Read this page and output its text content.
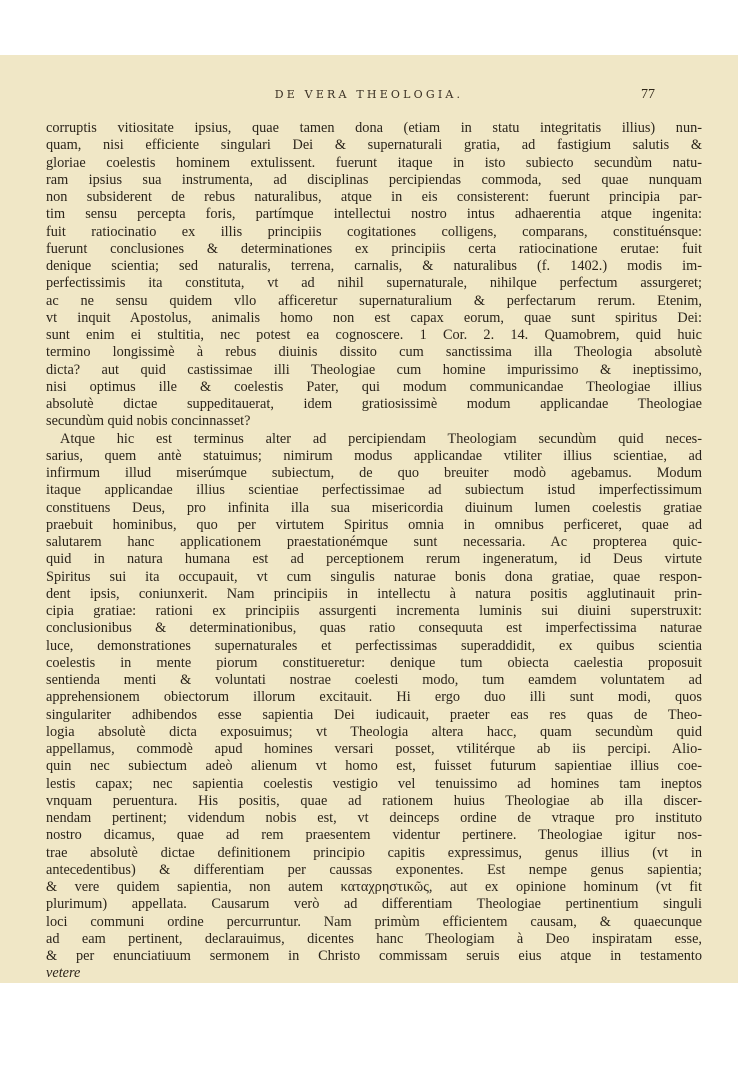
DE VERA THEOLOGIA.	77
corruptis vitiositate ipsius, quae tamen dona (etiam in statu integritatis illius) nun-
quam, nisi efficiente singulari Dei & supernaturali gratia, ad fastigium salutis &
gloriae coelestis hominem extulissent. fuerunt itaque in isto subiecto secundùm natu-
ram ipsius sua instrumenta, ad disciplinas percipiendas commoda, sed quae nunquam
non subsiderent de rebus naturalibus, atque in eis consisterent: fuerunt principia par-
tim sensu percepta foris, partímque intellectui nostro intus adhaerentia atque ingenita:
fuit ratiocinatio ex illis principiis cogitationes colligens, comparans, constituénsque:
fuerunt conclusiones & determinationes ex principiis certa ratiocinatione erutae: fuit
denique scientia; sed naturalis, terrena, carnalis, & naturalibus (f. 1402.) modis im-
perfectissimis ita constituta, vt ad nihil supernaturale, nihilque perfectum assurgeret;
ac ne sensu quidem vllo afficeretur supernaturalium & perfectarum rerum. Etenim,
vt inquit Apostolus, animalis homo non est capax eorum, quae sunt spiritus Dei:
sunt enim ei stultitia, nec potest ea cognoscere. 1 Cor. 2. 14. Quamobrem, quid huic
termino longissimè à rebus diuinis dissito cum sanctissima illa Theologia absolutè
dicta? aut quid castissimae illi Theologiae cum homine impurissimo & ineptissimo,
nisi optimus ille & coelestis Pater, qui modum communicandae Theologiae illius
absolutè dictae suppeditauerat, idem gratiosissimè modum applicandae Theologiae
secundùm quid nobis concinnasset?
Atque hic est terminus alter ad percipiendam Theologiam secundùm quid neces-
sarius, quem antè statuimus; nimirum modus applicandae vtiliter illius scientiae, ad
infirmum illud miserúmque subiectum, de quo breuiter modò agebamus. Modum
itaque applicandae illius scientiae perfectissimae ad subiectum istud imperfectissimum
constituens Deus, pro infinita illa sua misericordia diuinum lumen coelestis gratiae
praebuit hominibus, quo per virtutem Spiritus omnia in omnibus perficeret, quae ad
salutarem hanc applicationem praestationémque sunt necessaria. Ac propterea quic-
quid in natura humana est ad perceptionem rerum ingeneratum, id Deus virtute
Spiritus sui ita occupauit, vt cum singulis naturae bonis dona gratiae, quae respon-
dent ipsis, coniunxerit. Nam principiis in intellectu à natura positis agglutinauit prin-
cipia gratiae: rationi ex principiis assurgenti incrementa luminis sui diuini superstruxit:
conclusionibus & determinationibus, quas ratio consequuta est imperfectissima naturae
luce, demonstrationes supernaturales et perfectissimas superaddidit, ex quibus scientia
coelestis in mente piorum constitueretur: denique tum obiecta caelestia proposuit
sentienda menti & voluntati nostrae coelesti modo, tum eamdem voluntatem ad
apprehensionem obiectorum illorum excitauit. Hi ergo duo illi sunt modi, quos
singulariter adhibendos esse sapientia Dei iudicauit, praeter eas res quas de Theo-
logia absolutè dicta exposuimus; vt Theologia altera hacc, quam secundùm quid
appellamus, commodè apud homines versari posset, vtilitérque ab iis percipi. Alio-
quin nec subiectum adeò alienum vt homo est, fuisset futurum sapientiae illius coe-
lestis capax; nec sapientia coelestis vestigio vel tenuissimo ad homines tam ineptos
vnquam peruentura. His positis, quae ad rationem huius Theologiae ab illa discer-
nendam pertinent; videndum nobis est, vt deinceps ordine de vtraque pro instituto
nostro dicamus, quae ad rem praesentem videntur pertinere. Theologiae igitur nos-
trae absolutè dictae definitionem principio capitis expressimus, genus illius (vt in
antecedentibus) & differentiam per caussas exponentes. Est nempe genus sapientia;
& vere quidem sapientia, non autem καταχρηστικῶς, aut ex opinione hominum (vt fit
plurimum) appellata. Causarum verò ad differentiam Theologiae pertinentium singuli
loci communi ordine percurruntur. Nam primùm efficientem causam, & quaecunque
ad eam pertinent, declarauimus, dicentes hanc Theologiam à Deo inspiratam esse,
& per enunciatiuum sermonem in Christo commissam seruis eius atque in testamento
vetere
